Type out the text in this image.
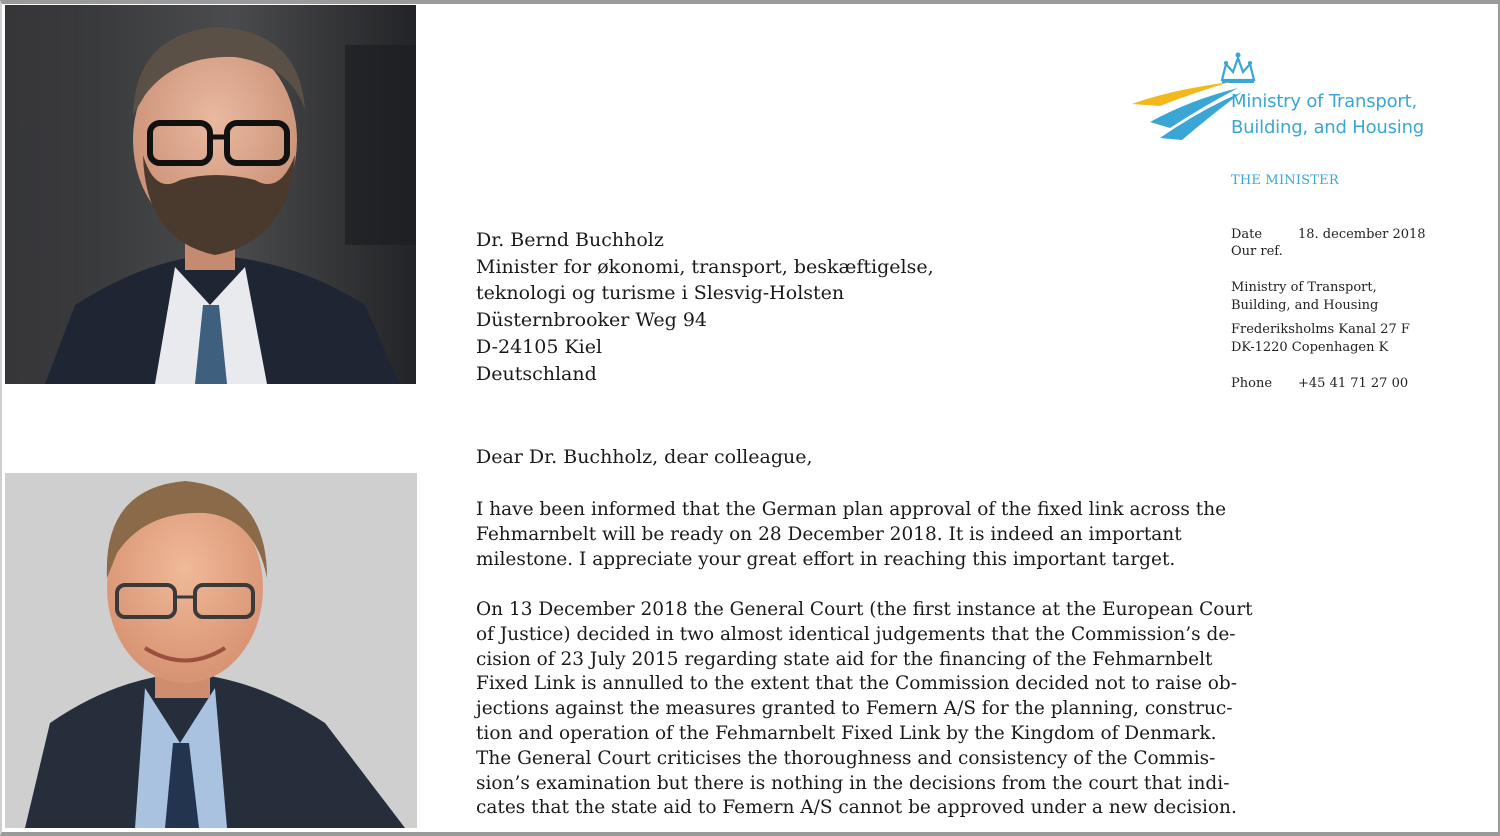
Ministry of Transport,
Building, and Housing
THE MINISTER
Date	18. december 2018
Our ref.
Ministry of Transport,
Building, and Housing
Frederiksholms Kanal 27 F
DK-1220 Copenhagen K
Phone +45 41 71 27 00
Dr. Bernd Buchholz
Minister for økonomi, transport, beskæftigelse,
teknologi og turisme i Slesvig-Holsten
Düsternbrooker Weg 94
D-24105 Kiel
Deutschland
Dear Dr. Buchholz, dear colleague,
I have been informed that the German plan approval of the fixed link across the
Fehmarnbelt will be ready on 28 December 2018. It is indeed an important
milestone. I appreciate your great effort in reaching this important target.
On 13 December 2018 the General Court (the first instance at the European Court
of Justice) decided in two almost identical judgements that the Commission’s de-
cision of 23 July 2015 regarding state aid for the financing of the Fehmarnbelt
Fixed Link is annulled to the extent that the Commission decided not to raise ob-
jections against the measures granted to Femern A/S for the planning, construc-
tion and operation of the Fehmarnbelt Fixed Link by the Kingdom of Denmark.
The General Court criticises the thoroughness and consistency of the Commis-
sion’s examination but there is nothing in the decisions from the court that indi-
cates that the state aid to Femern A/S cannot be approved under a new decision.
